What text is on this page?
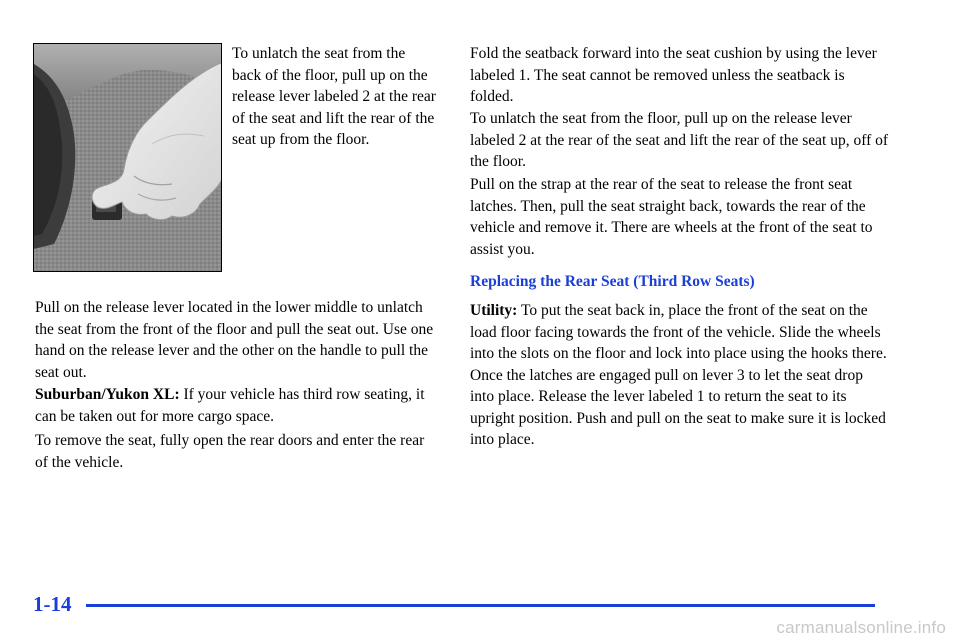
To unlatch the seat from the back of the floor, pull up on the release lever labeled 2 at the rear of the seat and lift the rear of the seat up from the floor.

Pull on the release lever located in the lower middle to unlatch the seat from the front of the floor and pull the seat out. Use one hand on the release lever and the other on the handle to pull the seat out.

Suburban/Yukon XL: If your vehicle has third row seating, it can be taken out for more cargo space.

To remove the seat, fully open the rear doors and enter the rear of the vehicle.

Fold the seatback forward into the seat cushion by using the lever labeled 1. The seat cannot be removed unless the seatback is folded.

To unlatch the seat from the floor, pull up on the release lever labeled 2 at the rear of the seat and lift the rear of the seat up, off of the floor.

Pull on the strap at the rear of the seat to release the front seat latches. Then, pull the seat straight back, towards the rear of the vehicle and remove it. There are wheels at the front of the seat to assist you.

Replacing the Rear Seat (Third Row Seats)

Utility: To put the seat back in, place the front of the seat on the load floor facing towards the front of the vehicle. Slide the wheels into the slots on the floor and lock into place using the hooks there. Once the latches are engaged pull on lever 3 to let the seat drop into place. Release the lever labeled 1 to return the seat to its upright position. Push and pull on the seat to make sure it is locked into place.

1-14
carmanualsonline.info
